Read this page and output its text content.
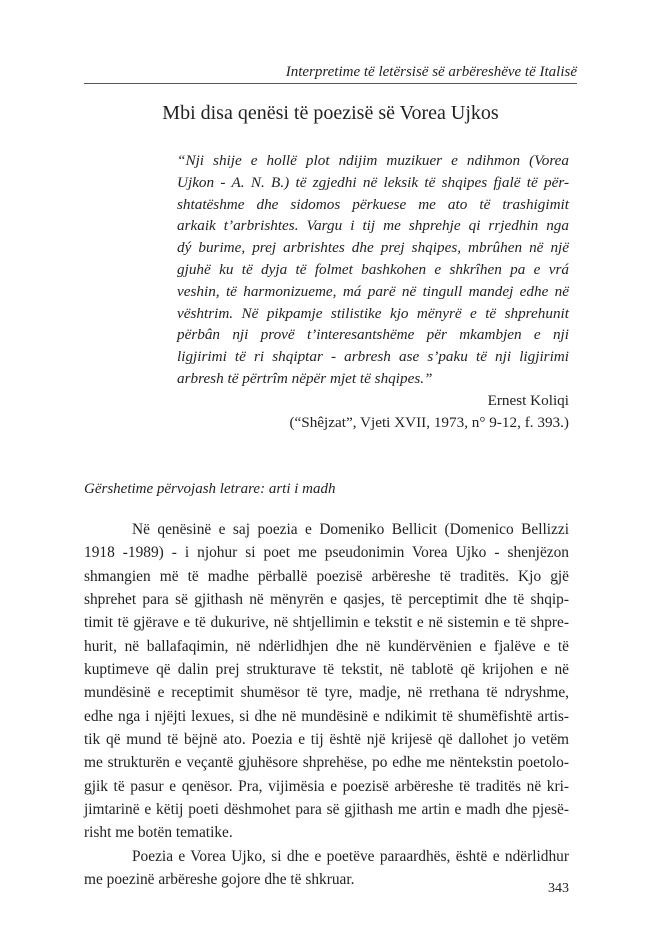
Interpretime të letërsisë së arbëreshëve të Italisë
Mbi disa qenësi të poezisë së Vorea Ujkos
“Nji shije e hollë plot ndijim muzikuer e ndihmon (Vorea
Ujkon - A. N. B.) të zgjedhi në leksik të shqipes fjalë të për-
shtatëshme dhe sidomos përkuese me ato të trashigimit
arkaik t’arbrishtes. Vargu i tij me shprehje qi rrjedhin nga
dý burime, prej arbrishtes dhe prej shqipes, mbrûhen në një
gjuhë ku të dyja të folmet bashkohen e shkrîhen pa e vrá
veshin, të harmonizueme, má parë në tingull mandej edhe në
vështrim. Në pikpamje stilistike kjo mënyrë e të shprehunit
përbân nji provë t’interesantshëme për mkambjen e nji
ligjirimi të ri shqiptar - arbresh ase s’paku të nji ligjirimi
arbresh të përtrîm nëpër mjet të shqipes.”
Ernest Koliqi
(“Shêjzat”, Vjeti XVII, 1973, n° 9-12, f. 393.)
Gërshetime përvojash letrare: arti i madh
Në qenësinë e saj poezia e Domeniko Bellicit (Domenico Bellizzi
1918 -1989) - i njohur si poet me pseudonimin Vorea Ujko - shenjëzon
shmangien më të madhe përballë poezisë arbëreshe të traditës. Kjo gjë
shprehet para së gjithash në mënyrën e qasjes, të perceptimit dhe të shqip-
timit të gjërave e të dukurive, në shtjellimin e tekstit e në sistemin e të shpre-
hurit, në ballafaqimin, në ndërlidhjen dhe në kundërvënien e fjalëve e të
kuptimeve që dalin prej strukturave të tekstit, në tablotë që krijohen e në
mundësinë e receptimit shumësor të tyre, madje, në rrethana të ndryshme,
edhe nga i njëjti lexues, si dhe në mundësinë e ndikimit të shumëfishtë artis-
tik që mund të bëjnë ato. Poezia e tij është një krijesë që dallohet jo vetëm
me strukturën e veçantë gjuhësore shprehëse, po edhe me nëntekstin poetolo-
gjik të pasur e qenësor. Pra, vijimësia e poezisë arbëreshe të traditës në kri-
jimtarinë e këtij poeti dëshmohet para së gjithash me artin e madh dhe pjesë-
risht me botën tematike.
Poezia e Vorea Ujko, si dhe e poetëve paraardhës, është e ndërlidhur
me poezinë arbëreshe gojore dhe të shkruar.
343
